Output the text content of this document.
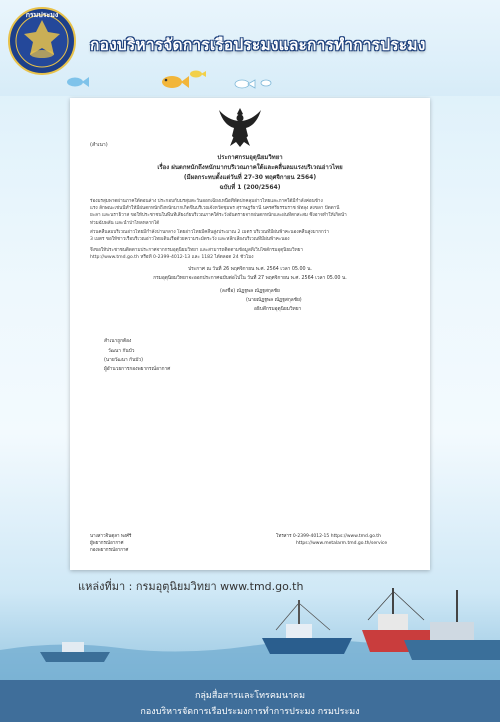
กรมประมง
กองบริหารจัดการเรือประมงและการทำการประมง
(สำเนา)
ประกาศกรมอุตุนิยมวิทยา
เรื่อง ฝนตกหนักถึงหนักมากบริเวณภาคใต้และคลื่นลมแรงบริเวณอ่าวไทย
(มีผลกระทบตั้งแต่วันที่ 27-30 พฤศจิกายน 2564)
ฉบับที่ 1 (200/2564)
ร่องมรสุมพาดผ่านภาคใต้ตอนล่าง ประกอบกับมรสุมตะวันออกเฉียงเหนือที่พัดปกคลุมอ่าวไทยและภาคใต้มีกำลังค่อนข้าง
แรง ลักษณะเช่นนี้ทำให้มีฝนตกหนักถึงหนักมากเกิดขึ้นบริเวณจังหวัดชุมพร สุราษฎร์ธานี นครศรีธรรมราช พัทลุง สงขลา ปัตตานี
ยะลา และนราธิวาส ขอให้ประชาชนในพื้นที่เสี่ยงภัยบริเวณภาคใต้ระวังอันตรายจากฝนตกหนักและฝนที่ตกสะสม ซึ่งอาจทำให้เกิดน้ำ
ท่วมฉับพลัน และน้ำป่าไหลหลากได้
ส่วนคลื่นลมบริเวณอ่าวไทยมีกำลังปานกลาง โดยอ่าวไทยมีคลื่นสูงประมาณ 2 เมตร บริเวณที่มีฝนฟ้าคะนองคลื่นสูงมากกว่า
3 เมตร ขอให้ชาวเรือบริเวณอ่าวไทยเดินเรือด้วยความระมัดระวัง และหลีกเลี่ยงบริเวณที่มีฝนฟ้าคะนอง
จึงขอให้ประชาชนติดตามประกาศจากกรมอุตุนิยมวิทยา และสามารถติดตามข้อมูลที่เว็บไซต์กรมอุตุนิยมวิทยา
http://www.tmd.go.th หรือที่ 0-2399-4012-13 และ 1182 ได้ตลอด 24 ชั่วโมง
ประกาศ ณ วันที่ 26 พฤศจิกายน พ.ศ. 2564 เวลา 05.00 น.
กรมอุตุนิยมวิทยาจะออกประกาศฉบับต่อไปใน วันที่ 27 พฤศจิกายน พ.ศ. 2564 เวลา 05.00 น.
(ลงชื่อ) ณัฏฐพล ณัฏฐสกุลชัย
(นายณัฏฐพล ณัฏฐสกุลชัย)
อธิบดีกรมอุตุนิยมวิทยา
สำเนาถูกต้อง
วัฒนา กันบัว
(นายวัฒนา กันบัว)
ผู้อำนวยการกองพยากรณ์อากาศ
นางสาวจินตุลา พงศ์รี
ผู้พยากรณ์อากาศ
กองพยากรณ์อากาศ
โทรสาร 0-2399-4012-15 https://www.tmd.go.th
https://www.metalarm.tmd.go.th/service
แหล่งที่มา : กรมอุตุนิยมวิทยา www.tmd.go.th
กลุ่มสื่อสารและโทรคมนาคม
กองบริหารจัดการเรือประมงการทำการประมง กรมประมง
